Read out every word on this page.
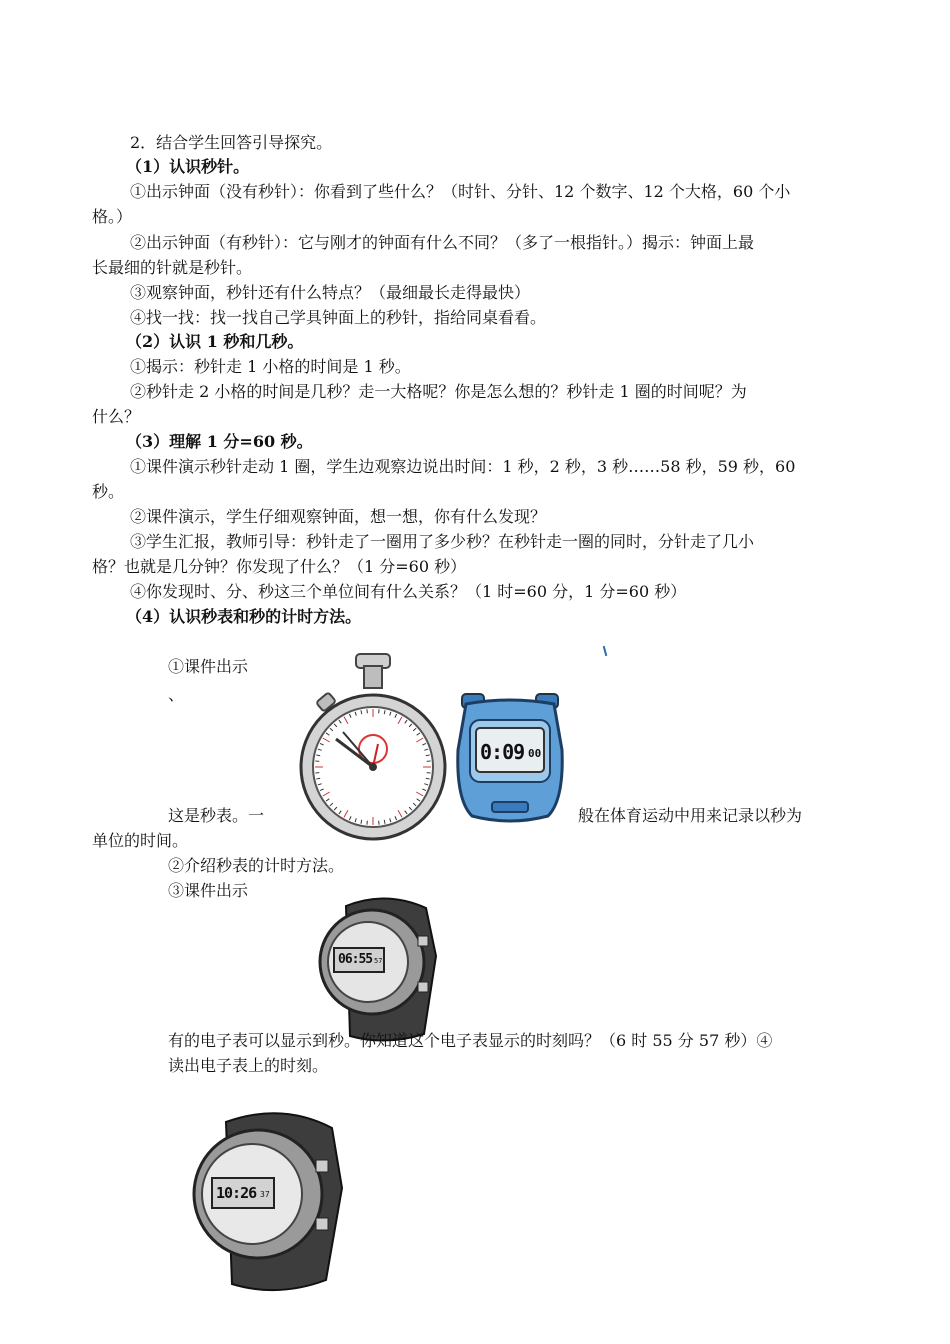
2．结合学生回答引导探究。
（1）认识秒针。
①出示钟面（没有秒针）：你看到了些什么？（时针、分针、12 个数字、12 个大格，60 个小
格。）
②出示钟面（有秒针）：它与刚才的钟面有什么不同？（多了一根指针。）揭示：钟面上最
长最细的针就是秒针。
③观察钟面，秒针还有什么特点？（最细最长走得最快）
④找一找：找一找自己学具钟面上的秒针，指给同桌看看。
（2）认识 1 秒和几秒。
①揭示：秒针走 1 小格的时间是 1 秒。
②秒针走 2 小格的时间是几秒？走一大格呢？你是怎么想的？秒针走 1 圈的时间呢？为
什么？
（3）理解 1 分=60 秒。
①课件演示秒针走动 1 圈，学生边观察边说出时间：1 秒，2 秒，3 秒……58 秒，59 秒，60
秒。
②课件演示，学生仔细观察钟面，想一想，你有什么发现？
③学生汇报，教师引导：秒针走了一圈用了多少秒？在秒针走一圈的同时，分针走了几小
格？也就是几分钟？你发现了什么？（1 分=60 秒）
④你发现时、分、秒这三个单位间有什么关系？（1 时=60 分，1 分=60 秒）
（4）认识秒表和秒的计时方法。
①课件出示
、
0:09 00
这是秒表。一	般在体育运动中用来记录以秒为
单位的时间。
②介绍秒表的计时方法。
③课件出示
06:55 57
有的电子表可以显示到秒。你知道这个电子表显示的时刻吗？（6 时 55 分 57 秒）④
读出电子表上的时刻。
10:26 37
